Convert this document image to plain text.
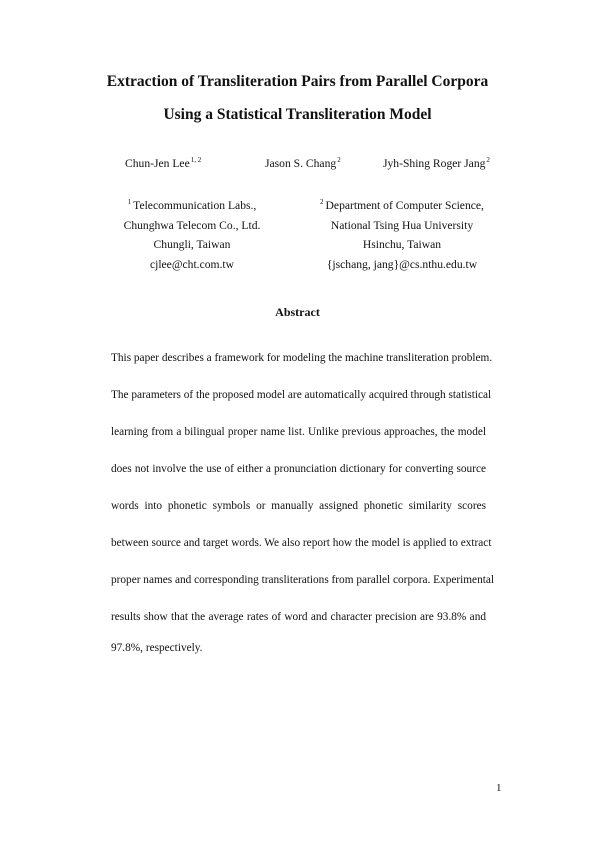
Extraction of Transliteration Pairs from Parallel Corpora
Using a Statistical Transliteration Model
Chun-Jen Lee$^{1, 2}$	Jason S. Chang$^2$	Jyh-Shing Roger Jang$^2$
$^1$ Telecommunication Labs.,
Chunghwa Telecom Co., Ltd.
Chungli, Taiwan
cjlee@cht.com.tw
$^2$ Department of Computer Science,
National Tsing Hua University
Hsinchu, Taiwan
{jschang, jang}@cs.nthu.edu.tw
Abstract
This paper describes a framework for modeling the machine transliteration problem.
The parameters of the proposed model are automatically acquired through statistical
learning from a bilingual proper name list. Unlike previous approaches, the model
does not involve the use of either a pronunciation dictionary for converting source
words into phonetic symbols or manually assigned phonetic similarity scores
between source and target words. We also report how the model is applied to extract
proper names and corresponding transliterations from parallel corpora. Experimental
results show that the average rates of word and character precision are 93.8% and
97.8%, respectively.
1
